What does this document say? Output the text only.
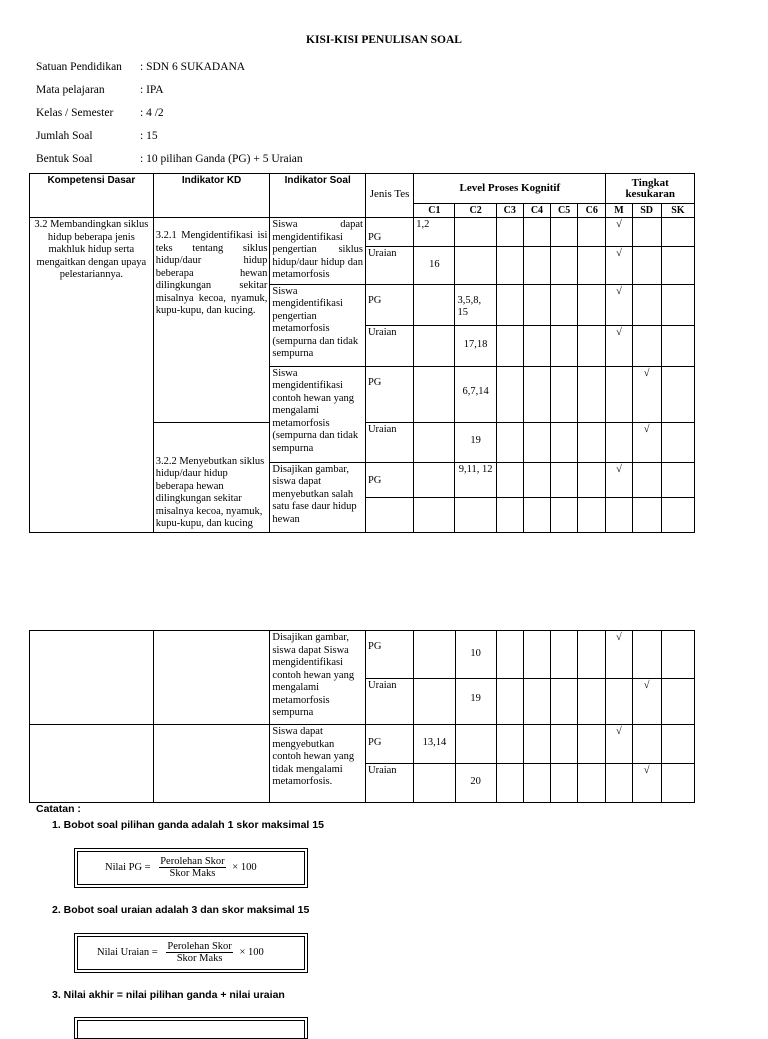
KISI-KISI PENULISAN SOAL
Satuan Pendidikan	: SDN 6 SUKADANA
Mata pelajaran	: IPA
Kelas / Semester	: 4 /2
Jumlah Soal	: 15
Bentuk Soal	: 10 pilihan Ganda (PG) + 5 Uraian
Kompetensi Dasar	Indikator KD	Indikator Soal	Jenis Tes	Level Proses Kognitif						Tingkat kesukaran		
				C1	C2	C3	C4	C5	C6	M	SD	SK
3.2 Membandingkan siklus hidup beberapa jenis makhluk hidup serta mengaitkan dengan upaya pelestariannya.	3.2.1 Mengidentifikasi isi teks tentang siklus hidup/daur hidup beberapa hewan dilingkungan sekitar misalnya kecoa, nyamuk, kupu-kupu, dan kucing.	Siswa dapat mengidentifikasi pengertian siklus hidup/daur hidup dan metamorfosis	PG	1,2						√		
			Uraian	16						√		
		Siswa mengidentifikasi pengertian metamorfosis (sempurna dan tidak sempurna	PG		3,5,8, 15					√		
			Uraian		17,18					√		
		Siswa mengidentifikasi contoh hewan yang mengalami metamorfosis (sempurna dan tidak sempurna	PG		6,7,14						√	
	3.2.2 Menyebutkan siklus hidup/daur hidup beberapa hewan dilingkungan sekitar misalnya kecoa, nyamuk, kupu-kupu, dan kucing		Uraian		19						√	
		Disajikan gambar, siswa dapat menyebutkan salah satu fase daur hidup hewan	PG		9,11, 12					√		

		Disajikan gambar, siswa dapat Siswa mengidentifikasi contoh hewan yang mengalami metamorfosis sempurna	PG		10					√		
			Uraian		19						√	
		Siswa dapat mengyebutkan contoh hewan yang tidak mengalami metamorfosis.	PG	13,14						√		
			Uraian		20						√	
Catatan :
1. Bobot soal pilihan ganda adalah 1 skor maksimal 15
Nilai PG = $\frac{\text{Perolehan Skor}}{\text{Skor Maks}} \times 100$
2. Bobot soal uraian adalah 3 dan skor maksimal 15
Nilai Uraian = $\frac{\text{Perolehan Skor}}{\text{Skor Maks}} \times 100$
3. Nilai akhir = nilai pilihan ganda + nilai uraian
